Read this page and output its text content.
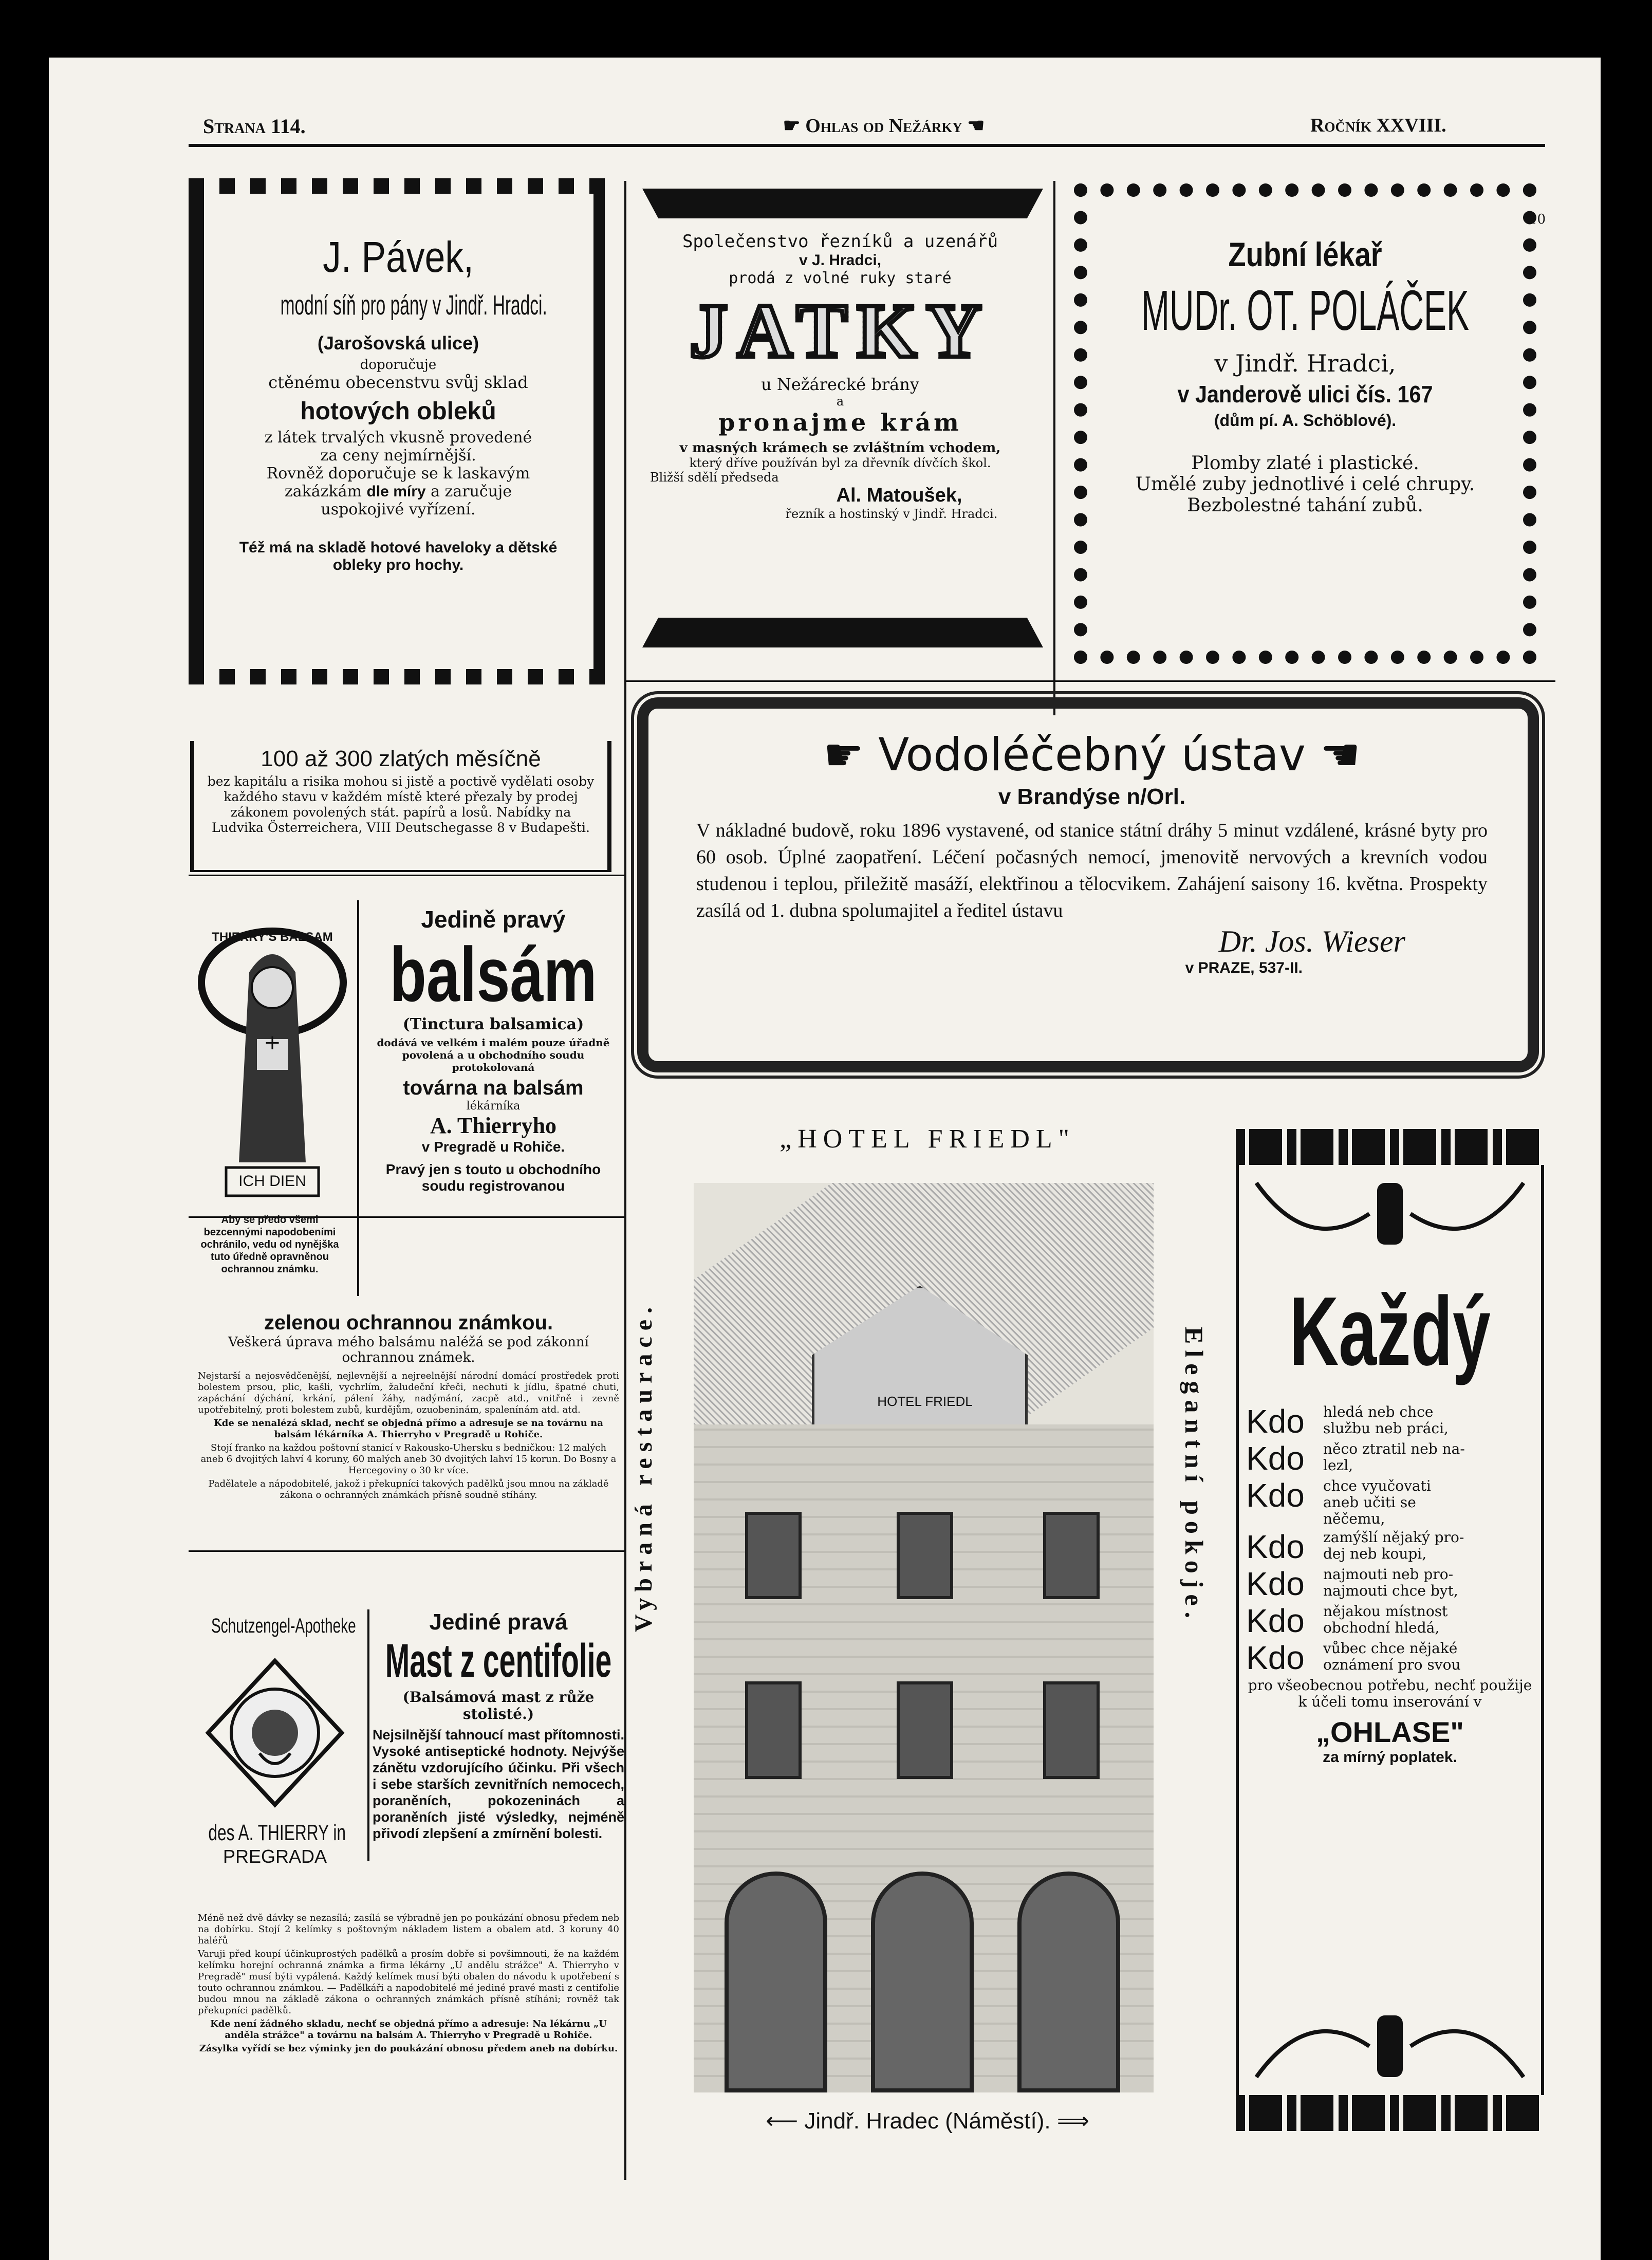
Strana 114.	☛ Ohlas od Nežárky ☚	Ročník XXVIII.
J. Pávek,
modní síň pro pány v Jindř. Hradci.
(Jarošovská ulice)
doporučuje
ctěnému obecenstvu svůj sklad
hotových obleků
z látek trvalých vkusně provedené
za ceny nejmírnější.
Rovněž doporučuje se k laskavým
zakázkám dle míry a zaručuje
uspokojivé vyřízení.
Též má na skladě hotové haveloky a dětské obleky pro hochy.
Společenstvo řezníků a uzenářů
v J. Hradci,
prodá z volné ruky staré
JATKY
u Nežárecké brány
a
pronajme krám
v masných krámech se zvláštním vchodem,
který dříve používán byl za dřevník dívčích škol.
Bližší sdělí předseda
Al. Matoušek,
řezník a hostinský v Jindř. Hradci.
10
Zubní lékař
MUDr. OT. POLÁČEK
v Jindř. Hradci,
v Janderově ulici čís. 167
(dům pí. A. Schöblové).
Plomby zlaté i plastické.
Umělé zuby jednotlivé i celé chrupy.
Bezbolestné tahání zubů.
100 až 300 zlatých měsíčně
bez kapitálu a risika mohou si jistě a poctivě vydělati osoby každého stavu v každém místě které přezaly by prodej zákonem povolených stát. papírů a losů. Nabídky na Ludvika Österreichera, VIII Deutschegasse 8 v Budapešti.
☛ Vodoléčebný ústav ☚
v Brandýse n/Orl.
V nákladné budově, roku 1896 vystavené, od stanice státní dráhy 5 minut vzdálené, krásné byty pro 60 osob. Úplné zaopatření. Léčení počasných nemocí, jmenovitě nervových a krevních vodou studenou i teplou, přiležitě masáží, elektřinou a tělocvikem. Zahájení saisony 16. května. Prospekty zasílá od 1. dubna spolumajitel a ředitel ústavu
Dr. Jos. Wieser
v PRAZE, 537-II.
+
THIERRY'S BALSAM
ICH DIEN
Aby se předo všemi bezcennými napodobeními ochránilo, vedu od nynějška tuto úředně opravněnou ochrannou známku.
Jedině pravý
balsám
(Tinctura balsamica)
dodává ve velkém i malém pouze úřadně povolená a u obchodního soudu protokolovaná
továrna na balsám
lékárníka
A. Thierryho
v Pregradě u Rohiče.
Pravý jen s touto u obchodního soudu registrovanou
zelenou ochrannou známkou.
Veškerá úprava mého balsámu naléžá se pod zákonní ochrannou známek.
Nejstarší a nejosvědčenější, nejlevnější a nejreelnější národní domácí prostředek proti bolestem prsou, plic, kašli, vychrlím, žaludeční křeči, nechuti k jídlu, špatné chuti, zapáchání dýchání, krkání, pálení žáhy, nadýmání, zacpě atd., vnitřně i zevně upotřebitelný, proti bolestem zubů, kurdějům, ozuobeninám, spalenínám atd. atd.
Kde se nenalézá sklad, nechť se objedná přímo a adresuje se na továrnu na balsám lékárníka A. Thierryho v Pregradě u Rohiče.
Stojí franko na každou poštovní stanicí v Rakousko-Uhersku s bedničkou: 12 malých aneb 6 dvojitých lahví 4 koruny, 60 malých aneb 30 dvojitých lahví 15 korun. Do Bosny a Hercegoviny o 30 kr více.
Padělatele a nápodobitelé, jakož i překupníci takových padělků jsou mnou na základě zákona o ochranných známkách přísně soudně stíhány.
Schutzengel-Apotheke
des A. THIERRY in
PREGRADA
Jediné pravá
Mast z centifolie
(Balsámová mast z růže stolisté.)
Nejsilnější tahnoucí mast přítomnosti. Vysoké antiseptické hodnoty. Nejvýše zánětu vzdorujícího účinku. Při všech i sebe starších zevnitřních nemocech, poraněních, pokozeninách a poraněních jisté výsledky, nejméně přivodí zlepšení a zmírnění bolesti.
Méně než dvě dávky se nezasílá; zasílá se výbradně jen po poukázání obnosu předem neb na dobírku. Stojí 2 kelímky s poštovným nákladem listem a obalem atd. 3 koruny 40 haléřů
Varuji před koupí účinkuprostých padělků a prosím dobře si povšimnouti, že na každém kelímku horejní ochranná známka a firma lékárny „U andělu strážce" A. Thierryho v Pregradě" musí býti vypálená. Každý kelímek musí býti obalen do návodu k upotřebení s touto ochrannou známkou. — Padělkáři a napodobitelé mé jediné pravé masti z centifolie budou mnou na základě zákona o ochranných známkách přísně stíháni; rovněž tak překupníci padělků.
Kde není žádného skladu, nechť se objedná přímo a adresuje: Na lékárnu „U anděla strážce" a továrnu na balsám A. Thierryho v Pregradě u Rohiče.
Zásylka vyřídí se bez výminky jen do poukázání obnosu předem aneb na dobírku.
„HOTEL FRIEDL"
Vybraná restaurace.	Elegantní pokoje.
HOTEL FRIEDL
⟵ Jindř. Hradec (Náměstí). ⟹
Každý
Kdo	hledá neb chce službu neb práci,
Kdo	něco ztratil neb nalezl,
Kdo	chce vyučovati aneb učiti se něčemu,
Kdo	zamýšlí nějaký prodej neb koupi,
Kdo	najmouti neb pronajmouti chce byt,
Kdo	nějakou místnost obchodní hledá,
Kdo	vůbec chce nějaké oznámení pro svou
pro všeobecnou potřebu, nechť použije k účeli tomu inserování v
„OHLASE"
za mírný poplatek.
